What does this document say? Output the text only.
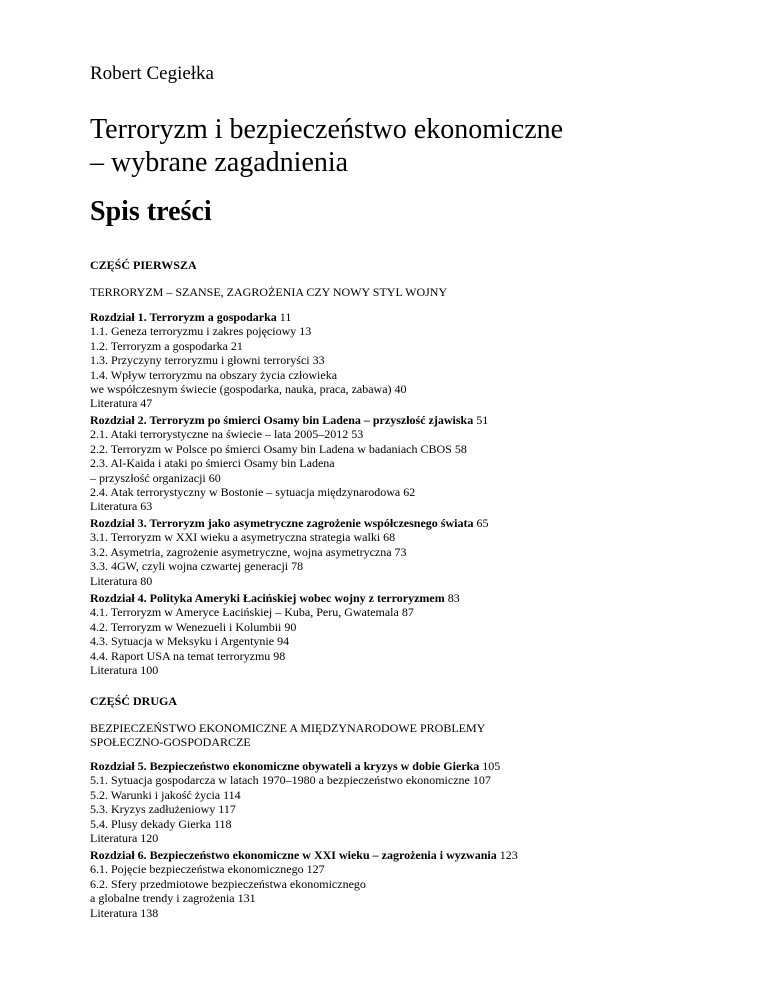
Robert Cegiełka
Terroryzm i bezpieczeństwo ekonomiczne
– wybrane zagadnienia
Spis treści
CZĘŚĆ PIERWSZA
TERRORYZM – SZANSE, ZAGROŻENIA CZY NOWY STYL WOJNY
Rozdział 1. Terroryzm a gospodarka 11
1.1. Geneza terroryzmu i zakres pojęciowy 13
1.2. Terroryzm a gospodarka 21
1.3. Przyczyny terroryzmu i głowni terroryści 33
1.4. Wpływ terroryzmu na obszary życia człowieka
we współczesnym świecie (gospodarka, nauka, praca, zabawa) 40
Literatura 47
Rozdział 2. Terroryzm po śmierci Osamy bin Ladena – przyszłość zjawiska 51
2.1. Ataki terrorystyczne na świecie – lata 2005–2012 53
2.2. Terroryzm w Polsce po śmierci Osamy bin Ladena w badaniach CBOS 58
2.3. Al-Kaida i ataki po śmierci Osamy bin Ladena
– przyszłość organizacji 60
2.4. Atak terrorystyczny w Bostonie – sytuacja międzynarodowa 62
Literatura 63
Rozdział 3. Terroryzm jako asymetryczne zagrożenie współczesnego świata 65
3.1. Terroryzm w XXI wieku a asymetryczna strategia walki 68
3.2. Asymetria, zagrożenie asymetryczne, wojna asymetryczna 73
3.3. 4GW, czyli wojna czwartej generacji 78
Literatura 80
Rozdział 4. Polityka Ameryki Łacińskiej wobec wojny z terroryzmem 83
4.1. Terroryzm w Ameryce Łacińskiej – Kuba, Peru, Gwatemala 87
4.2. Terroryzm w Wenezueli i Kolumbii 90
4.3. Sytuacja w Meksyku i Argentynie 94
4.4. Raport USA na temat terroryzmu 98
Literatura 100
CZĘŚĆ DRUGA
BEZPIECZEŃSTWO EKONOMICZNE A MIĘDZYNARODOWE PROBLEMY
SPOŁECZNO-GOSPODARCZE
Rozdział 5. Bezpieczeństwo ekonomiczne obywateli a kryzys w dobie Gierka 105
5.1. Sytuacja gospodarcza w latach 1970–1980 a bezpieczeństwo ekonomiczne 107
5.2. Warunki i jakość życia 114
5.3. Kryzys zadłużeniowy 117
5.4. Plusy dekady Gierka 118
Literatura 120
Rozdział 6. Bezpieczeństwo ekonomiczne w XXI wieku – zagrożenia i wyzwania 123
6.1. Pojęcie bezpieczeństwa ekonomicznego 127
6.2. Sfery przedmiotowe bezpieczeństwa ekonomicznego
a globalne trendy i zagrożenia 131
Literatura 138
